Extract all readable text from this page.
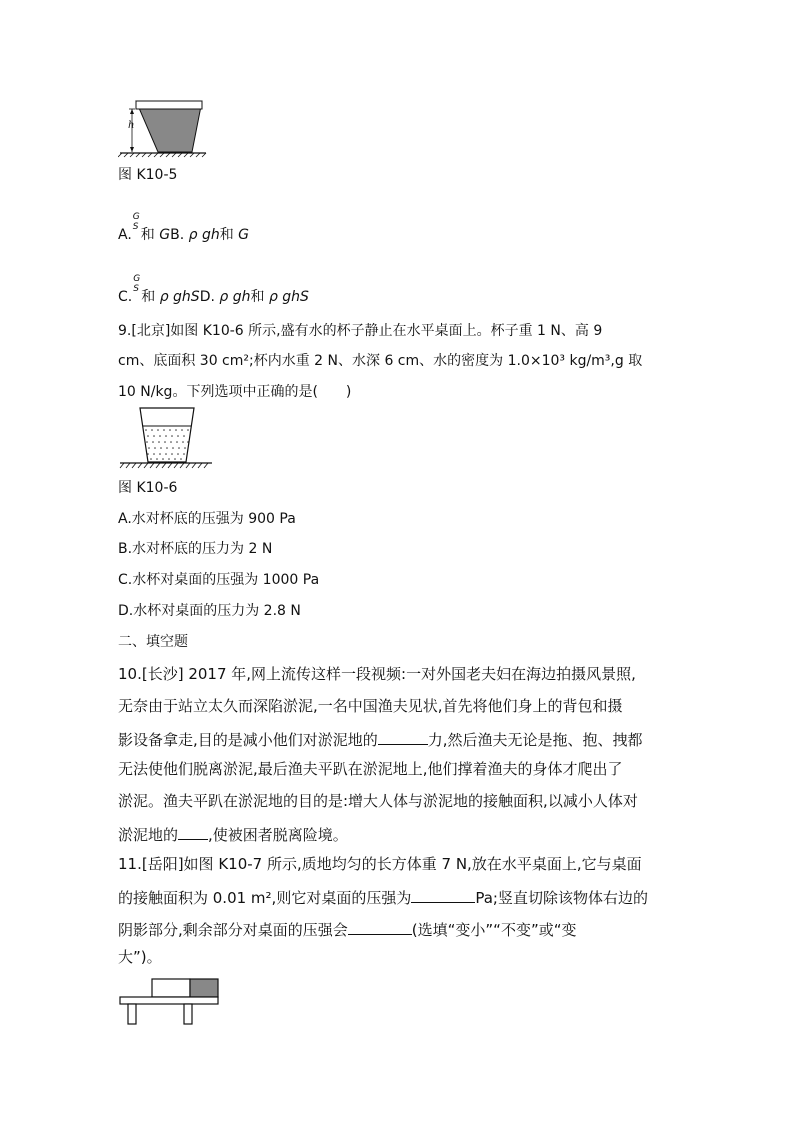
h
图 K10-5
A.
G
S 和 GB. ρ gh和 G
C.
G
S 和 ρ ghSD. ρ gh和 ρ ghS
9.[北京]如图 K10-6 所示,盛有水的杯子静止在水平桌面上。杯子重 1 N、高 9
cm、底面积 30 cm²;杯内水重 2 N、水深 6 cm、水的密度为 1.0×10³ kg/m³,g 取
10 N/kg。下列选项中正确的是(　　)
图 K10-6
A.水对杯底的压强为 900 Pa
B.水对杯底的压力为 2 N
C.水杯对桌面的压强为 1000 Pa
D.水杯对桌面的压力为 2.8 N
二、填空题
10.[长沙] 2017 年,网上流传这样一段视频:一对外国老夫妇在海边拍摄风景照,
无奈由于站立太久而深陷淤泥,一名中国渔夫见状,首先将他们身上的背包和摄
影设备拿走,目的是减小他们对淤泥地的	力,然后渔夫无论是拖、抱、拽都
无法使他们脱离淤泥,最后渔夫平趴在淤泥地上,他们撑着渔夫的身体才爬出了
淤泥。渔夫平趴在淤泥地的目的是:增大人体与淤泥地的接触面积,以减小人体对
淤泥地的 ,使被困者脱离险境。
11.[岳阳]如图 K10-7 所示,质地均匀的长方体重 7 N,放在水平桌面上,它与桌面
的接触面积为 0.01 m²,则它对桌面的压强为	Pa;竖直切除该物体右边的
阴影部分,剩余部分对桌面的压强会	(选填“变小”“不变”或“变
大”)。
